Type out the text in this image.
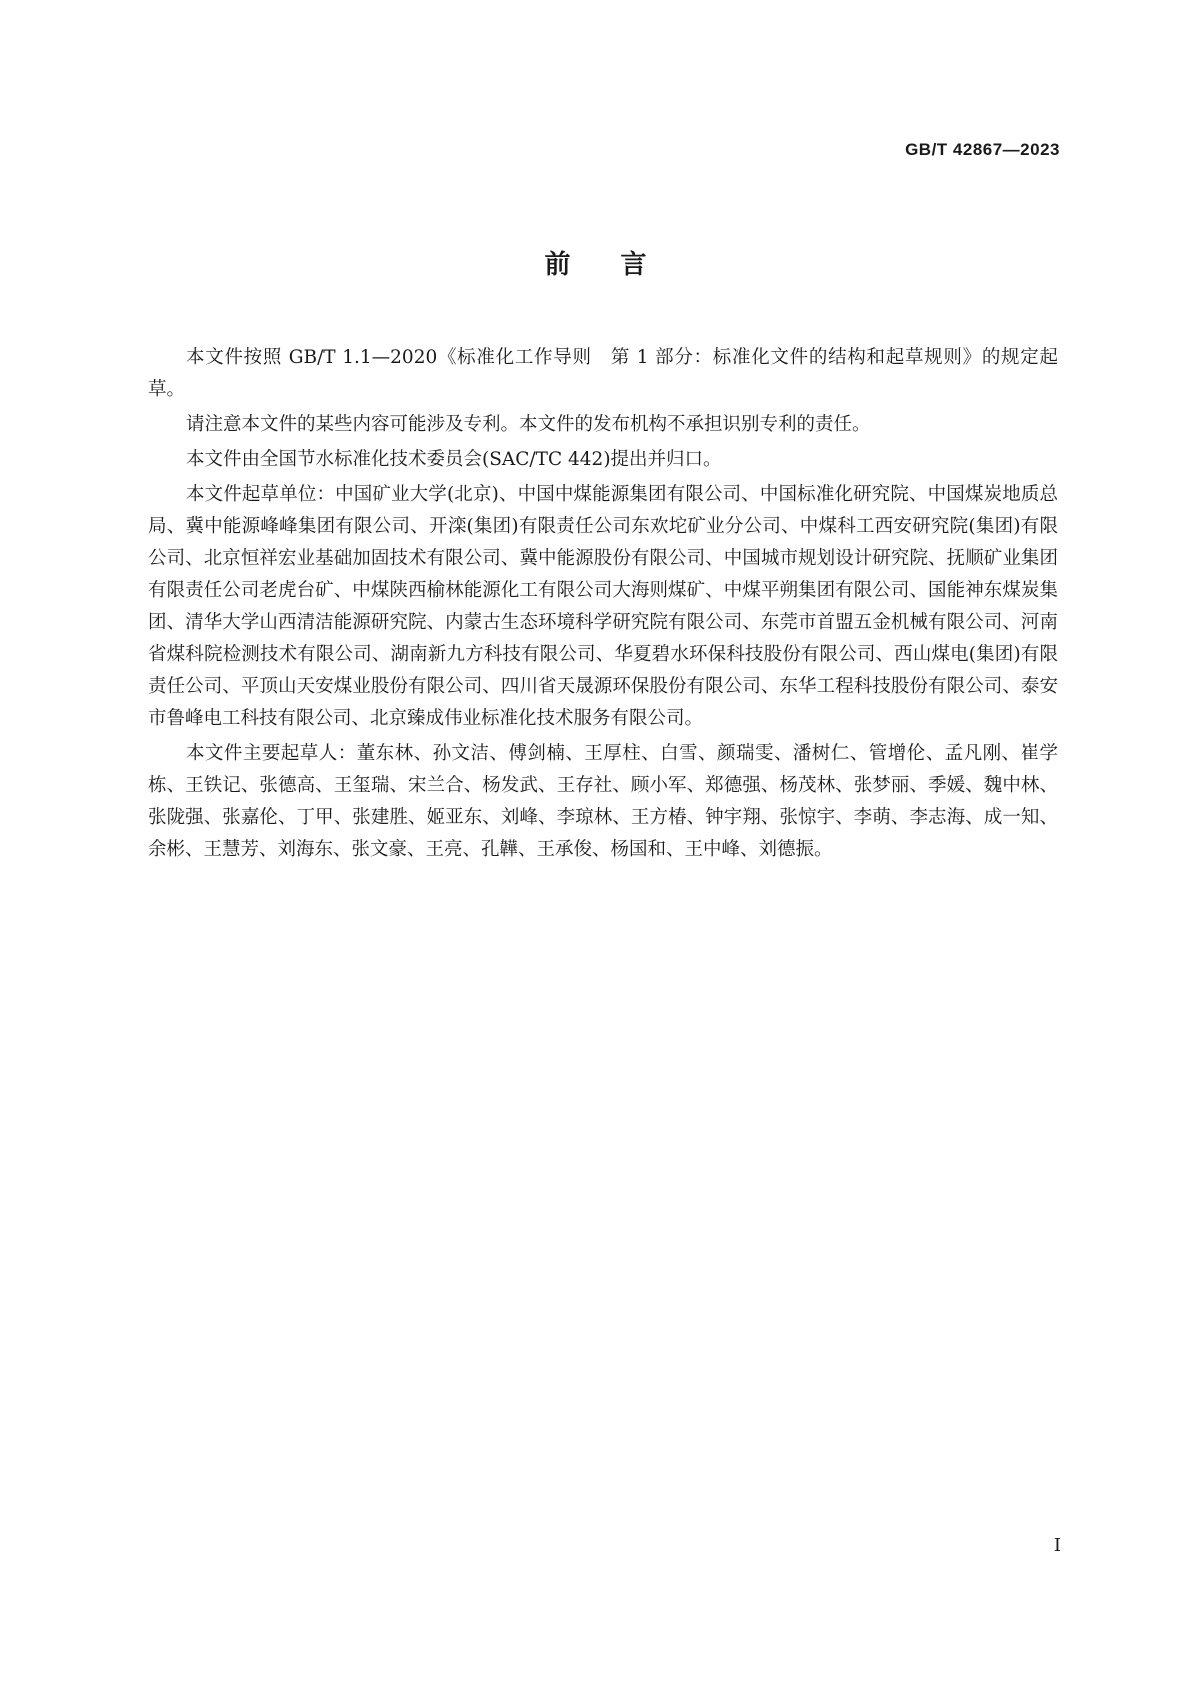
GB/T 42867—2023
前言

本文件按照 GB/T 1.1—2020《标准化工作导则　第 1 部分：标准化文件的结构和起草规则》的规定起草。

请注意本文件的某些内容可能涉及专利。本文件的发布机构不承担识别专利的责任。

本文件由全国节水标准化技术委员会(SAC/TC 442)提出并归口。

本文件起草单位：中国矿业大学(北京)、中国中煤能源集团有限公司、中国标准化研究院、中国煤炭地质总局、冀中能源峰峰集团有限公司、开滦(集团)有限责任公司东欢坨矿业分公司、中煤科工西安研究院(集团)有限公司、北京恒祥宏业基础加固技术有限公司、冀中能源股份有限公司、中国城市规划设计研究院、抚顺矿业集团有限责任公司老虎台矿、中煤陕西榆林能源化工有限公司大海则煤矿、中煤平朔集团有限公司、国能神东煤炭集团、清华大学山西清洁能源研究院、内蒙古生态环境科学研究院有限公司、东莞市首盟五金机械有限公司、河南省煤科院检测技术有限公司、湖南新九方科技有限公司、华夏碧水环保科技股份有限公司、西山煤电(集团)有限责任公司、平顶山天安煤业股份有限公司、四川省天晟源环保股份有限公司、东华工程科技股份有限公司、泰安市鲁峰电工科技有限公司、北京臻成伟业标准化技术服务有限公司。

本文件主要起草人：董东林、孙文洁、傅剑楠、王厚柱、白雪、颜瑞雯、潘树仁、管增伦、孟凡刚、崔学栋、王铁记、张德高、王玺瑞、宋兰合、杨发武、王存社、顾小军、郑德强、杨茂林、张梦丽、季媛、魏中林、张陇强、张嘉伦、丁甲、张建胜、姬亚东、刘峰、李琼林、王方椿、钟宇翔、张惊宇、李萌、李志海、成一知、余彬、王慧芳、刘海东、张文豪、王亮、孔韡、王承俊、杨国和、王中峰、刘德振。

I
